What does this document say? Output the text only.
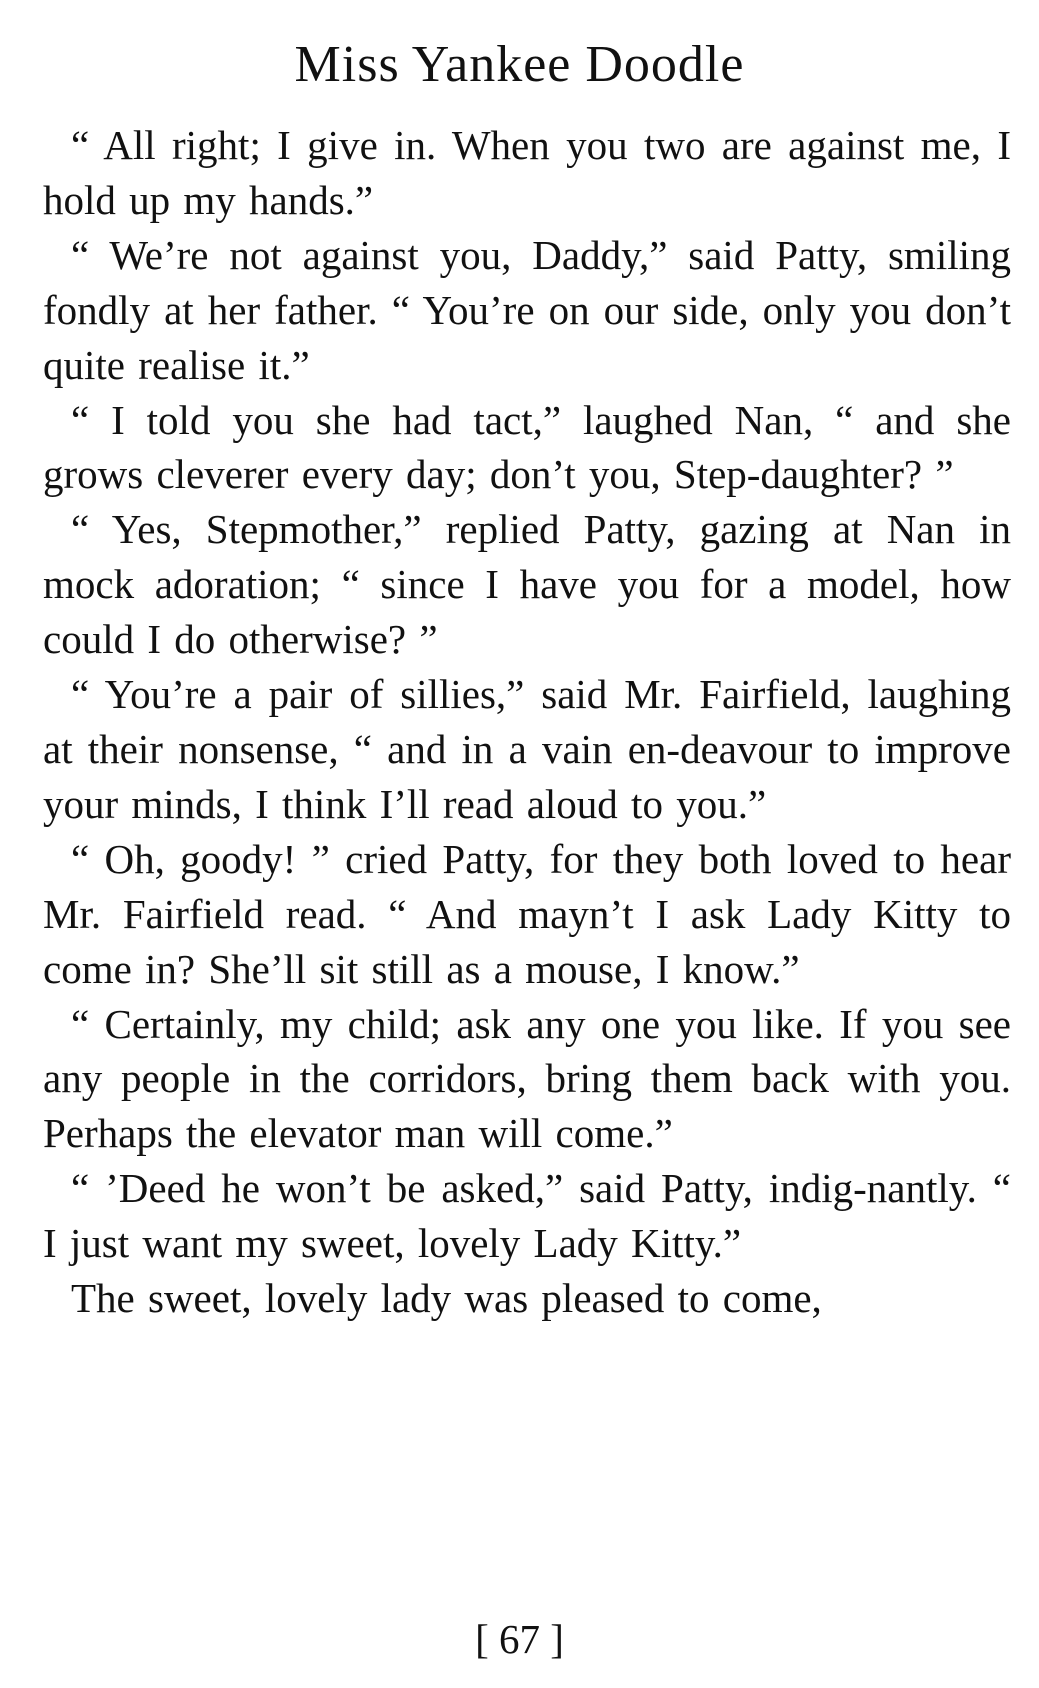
Miss Yankee Doodle

“ All right; I give in. When you two are against me, I hold up my hands.”

“ We’re not against you, Daddy,” said Patty, smiling fondly at her father. “ You’re on our side, only you don’t quite realise it.”

“ I told you she had tact,” laughed Nan, “ and she grows cleverer every day; don’t you, Step-daughter? ”

“ Yes, Stepmother,” replied Patty, gazing at Nan in mock adoration; “ since I have you for a model, how could I do otherwise? ”

“ You’re a pair of sillies,” said Mr. Fairfield, laughing at their nonsense, “ and in a vain en-deavour to improve your minds, I think I’ll read aloud to you.”

“ Oh, goody! ” cried Patty, for they both loved to hear Mr. Fairfield read. “ And mayn’t I ask Lady Kitty to come in? She’ll sit still as a mouse, I know.”

“ Certainly, my child; ask any one you like. If you see any people in the corridors, bring them back with you. Perhaps the elevator man will come.”

“ ’Deed he won’t be asked,” said Patty, indig-nantly. “ I just want my sweet, lovely Lady Kitty.”

The sweet, lovely lady was pleased to come,

[ 67 ]
